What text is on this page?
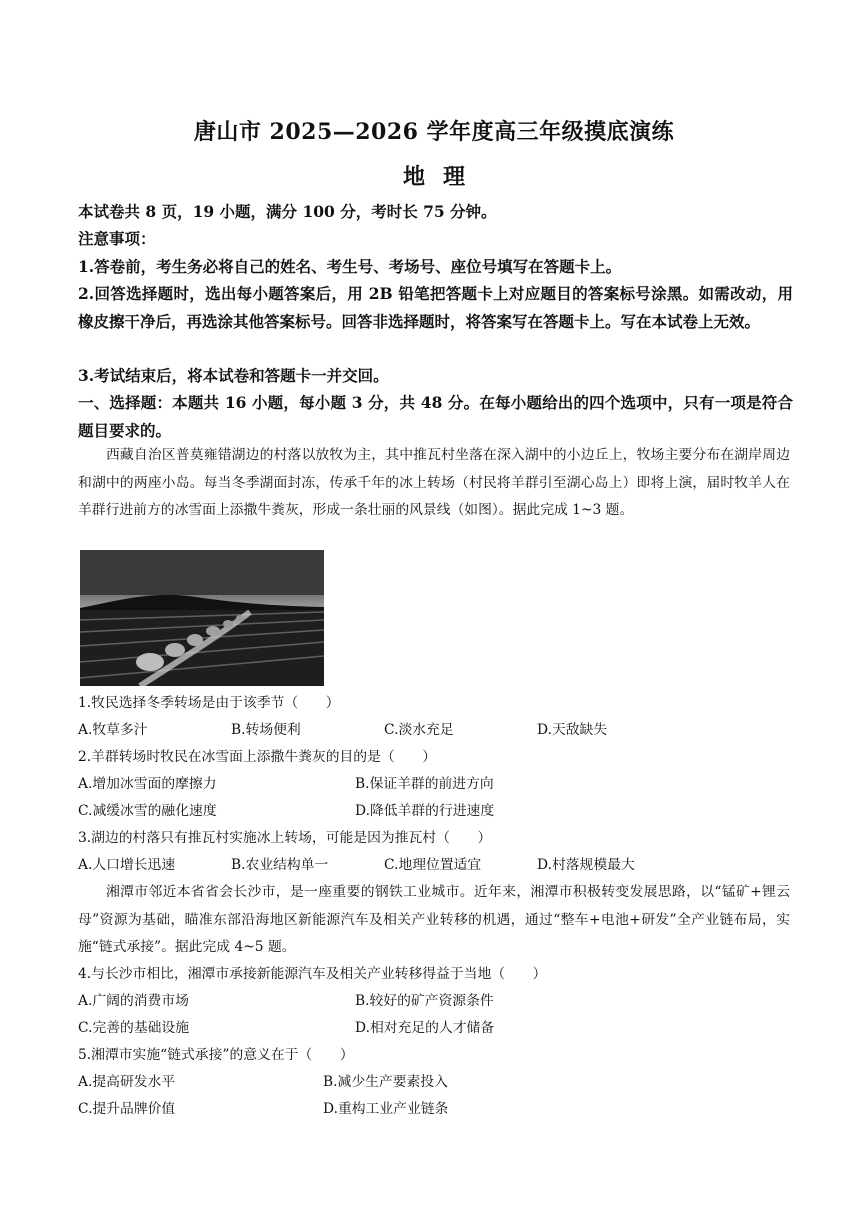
唐山市 2025—2026 学年度高三年级摸底演练
地理
本试卷共 8 页，19 小题，满分 100 分，考时长 75 分钟。
注意事项：
1.答卷前，考生务必将自己的姓名、考生号、考场号、座位号填写在答题卡上。
2.回答选择题时，选出每小题答案后，用 2B 铅笔把答题卡上对应题目的答案标号涂黑。如需改动，用橡皮擦干净后，再选涂其他答案标号。回答非选择题时，将答案写在答题卡上。写在本试卷上无效。
3.考试结束后，将本试卷和答题卡一并交回。
一、选择题：本题共 16 小题，每小题 3 分，共 48 分。在每小题给出的四个选项中，只有一项是符合题目要求的。
西藏自治区普莫雍错湖边的村落以放牧为主，其中推瓦村坐落在深入湖中的小边丘上，牧场主要分布在湖岸周边和湖中的两座小岛。每当冬季湖面封冻，传承千年的冰上转场（村民将羊群引至湖心岛上）即将上演，届时牧羊人在羊群行进前方的冰雪面上添撒牛粪灰，形成一条壮丽的风景线（如图）。据此完成 1~3 题。
1.牧民选择冬季转场是由于该季节（　　）
A.牧草多汁	B.转场便利	C.淡水充足	D.天敌缺失
2.羊群转场时牧民在冰雪面上添撒牛粪灰的目的是（　　）
A.增加冰雪面的摩擦力	B.保证羊群的前进方向
C.减缓冰雪的融化速度	D.降低羊群的行进速度
3.湖边的村落只有推瓦村实施冰上转场，可能是因为推瓦村（　　）
A.人口增长迅速	B.农业结构单一	C.地理位置适宜	D.村落规模最大
湘潭市邻近本省省会长沙市，是一座重要的钢铁工业城市。近年来，湘潭市积极转变发展思路，以“锰矿+锂云母”资源为基础，瞄准东部沿海地区新能源汽车及相关产业转移的机遇，通过“整车+电池+研发”全产业链布局，实施“链式承接”。据此完成 4~5 题。
4.与长沙市相比，湘潭市承接新能源汽车及相关产业转移得益于当地（　　）
A.广阔的消费市场	B.较好的矿产资源条件
C.完善的基础设施	D.相对充足的人才储备
5.湘潭市实施“链式承接”的意义在于（　　）
A.提高研发水平	B.减少生产要素投入
C.提升品牌价值	D.重构工业产业链条
